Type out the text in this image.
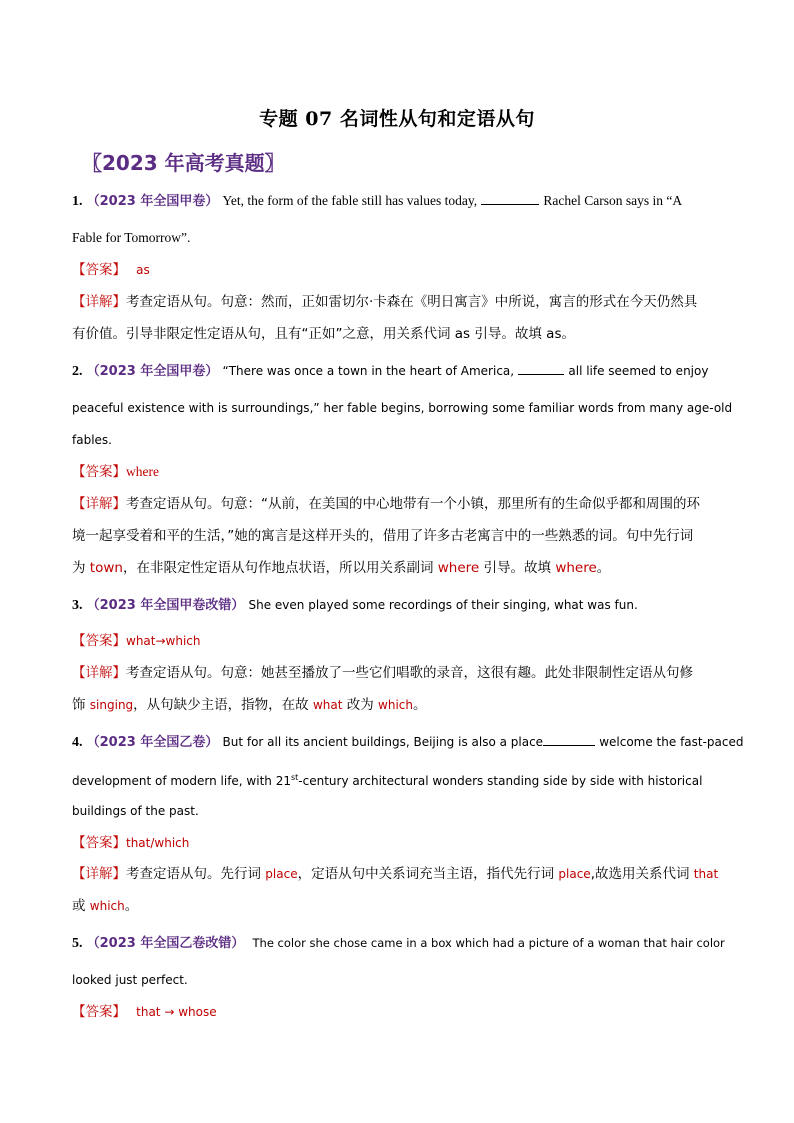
专题 07 名词性从句和定语从句
〖2023 年高考真题〗
1. （2023 年全国甲卷） Yet, the form of the fable still has values today,	Rachel Carson says in “A
Fable for Tomorrow”.
【答案】 as
【详解】考查定语从句。句意：然而，正如雷切尔·卡森在《明日寓言》中所说，寓言的形式在今天仍然具
有价值。引导非限定性定语从句，且有“正如”之意，用关系代词 as 引导。故填 as。
2. （2023 年全国甲卷） “There was once a town in the heart of America,	all life seemed to enjoy
peaceful existence with is surroundings,” her fable begins, borrowing some familiar words from many age-old
fables.
【答案】where
【详解】考查定语从句。句意：“从前，在美国的中心地带有一个小镇，那里所有的生命似乎都和周围的环
境一起享受着和平的生活，”她的寓言是这样开头的，借用了许多古老寓言中的一些熟悉的词。句中先行词
为 town，在非限定性定语从句作地点状语，所以用关系副词 where 引导。故填 where。
3. （2023 年全国甲卷改错） She even played some recordings of their singing, what was fun.
【答案】what→which
【详解】考查定语从句。句意：她甚至播放了一些它们唱歌的录音，这很有趣。此处非限制性定语从句修
饰 singing，从句缺少主语，指物，在故 what 改为 which。
4. （2023 年全国乙卷） But for all its ancient buildings, Beijing is also a place	welcome the fast-paced
development of modern life, with 21st-century architectural wonders standing side by side with historical
buildings of the past.
【答案】that/which
【详解】考查定语从句。先行词 place，定语从句中关系词充当主语，指代先行词 place,故选用关系代词 that
或 which。
5. （2023 年全国乙卷改错） The color she chose came in a box which had a picture of a woman that hair color
looked just perfect.
【答案】 that → whose
